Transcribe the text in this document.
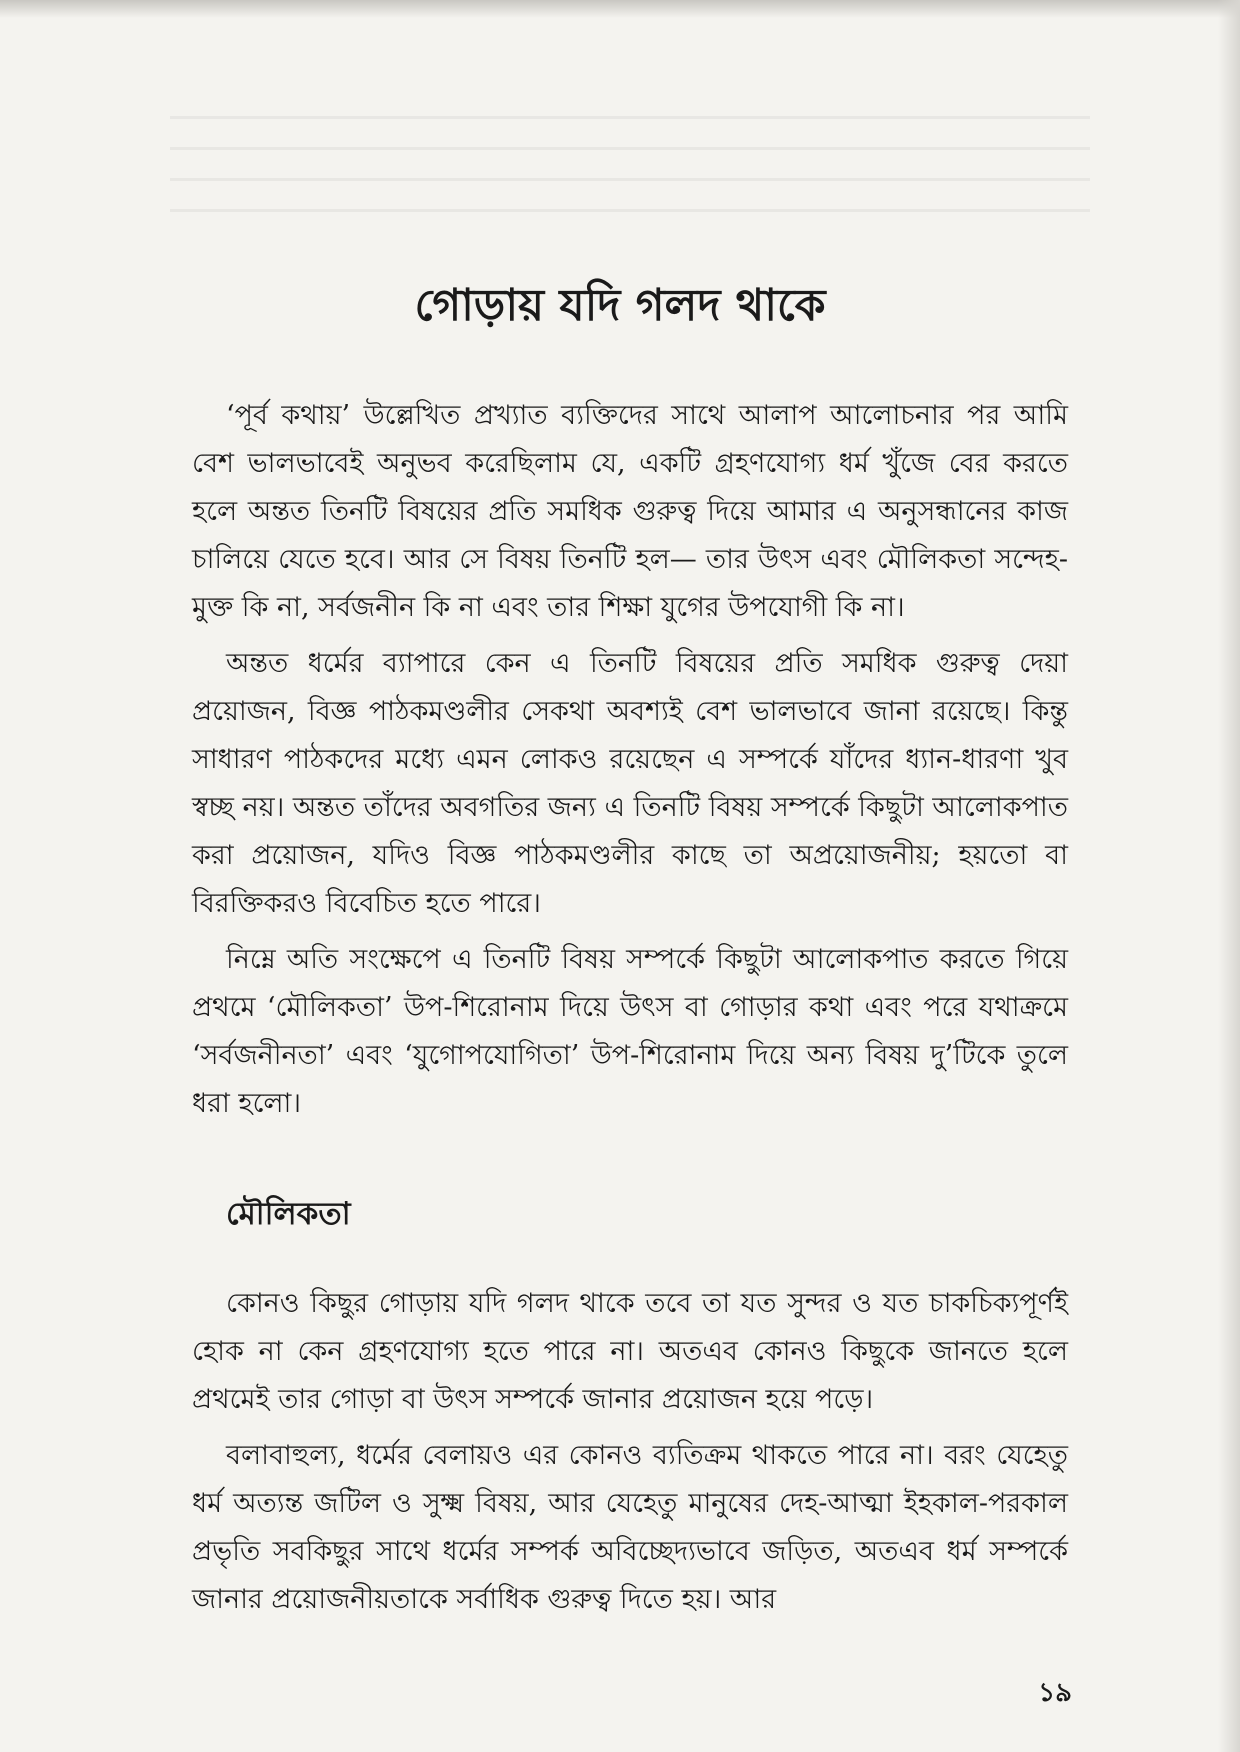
গোড়ায় যদি গলদ থাকে

‘পূর্ব কথায়’ উল্লেখিত প্রখ্যাত ব্যক্তিদের সাথে আলাপ আলোচনার পর আমি বেশ ভালভাবেই অনুভব করেছিলাম যে, একটি গ্রহণযোগ্য ধর্ম খুঁজে বের করতে হলে অন্তত তিনটি বিষয়ের প্রতি সমধিক গুরুত্ব দিয়ে আমার এ অনুসন্ধানের কাজ চালিয়ে যেতে হবে। আর সে বিষয় তিনটি হল— তার উৎস এবং মৌলিকতা সন্দেহ-মুক্ত কি না, সর্বজনীন কি না এবং তার শিক্ষা যুগের উপযোগী কি না।

অন্তত ধর্মের ব্যাপারে কেন এ তিনটি বিষয়ের প্রতি সমধিক গুরুত্ব দেয়া প্রয়োজন, বিজ্ঞ পাঠকমণ্ডলীর সেকথা অবশ্যই বেশ ভালভাবে জানা রয়েছে। কিন্তু সাধারণ পাঠকদের মধ্যে এমন লোকও রয়েছেন এ সম্পর্কে যাঁদের ধ্যান-ধারণা খুব স্বচ্ছ নয়। অন্তত তাঁদের অবগতির জন্য এ তিনটি বিষয় সম্পর্কে কিছুটা আলোকপাত করা প্রয়োজন, যদিও বিজ্ঞ পাঠকমণ্ডলীর কাছে তা অপ্রয়োজনীয়; হয়তো বা বিরক্তিকরও বিবেচিত হতে পারে।

নিম্নে অতি সংক্ষেপে এ তিনটি বিষয় সম্পর্কে কিছুটা আলোকপাত করতে গিয়ে প্রথমে ‘মৌলিকতা’ উপ-শিরোনাম দিয়ে উৎস বা গোড়ার কথা এবং পরে যথাক্রমে ‘সর্বজনীনতা’ এবং ‘যুগোপযোগিতা’ উপ-শিরোনাম দিয়ে অন্য বিষয় দু’টিকে তুলে ধরা হলো।

মৌলিকতা

কোনও কিছুর গোড়ায় যদি গলদ থাকে তবে তা যত সুন্দর ও যত চাকচিক্যপূর্ণই হোক না কেন গ্রহণযোগ্য হতে পারে না। অতএব কোনও কিছুকে জানতে হলে প্রথমেই তার গোড়া বা উৎস সম্পর্কে জানার প্রয়োজন হয়ে পড়ে।

বলাবাহুল্য, ধর্মের বেলায়ও এর কোনও ব্যতিক্রম থাকতে পারে না। বরং যেহেতু ধর্ম অত্যন্ত জটিল ও সুক্ষ্ম বিষয়, আর যেহেতু মানুষের দেহ-আত্মা ইহকাল-পরকাল প্রভৃতি সবকিছুর সাথে ধর্মের সম্পর্ক অবিচ্ছেদ্যভাবে জড়িত, অতএব ধর্ম সম্পর্কে জানার প্রয়োজনীয়তাকে সর্বাধিক গুরুত্ব দিতে হয়। আর

১৯
